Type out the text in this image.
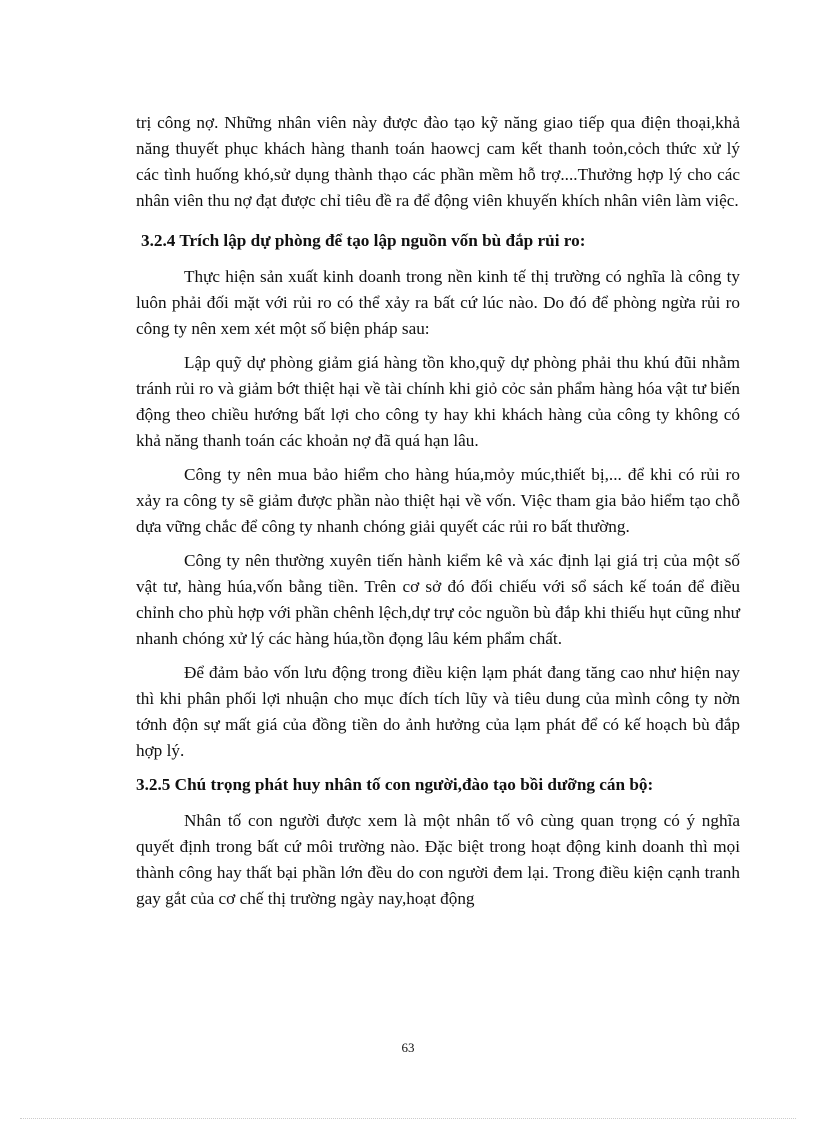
trị công nợ. Những nhân viên này được đào tạo kỹ năng giao tiếp qua điện thoại,khả năng thuyết phục khách hàng thanh toán haowcj cam kết thanh toỏn,cỏch thức xử lý các tình huống khó,sử dụng thành thạo các phần mềm hỗ trợ....Thưởng hợp lý cho các nhân viên thu nợ đạt được chỉ tiêu đề ra để động viên khuyến khích nhân viên làm việc.

3.2.4 Trích lập dự phòng để tạo lập nguồn vốn bù đắp rủi ro:

Thực hiện sản xuất kinh doanh trong nền kinh tế thị trường có nghĩa là công ty luôn phải đối mặt với rủi ro có thể xảy ra bất cứ lúc nào. Do đó để phòng ngừa rủi ro công ty nên xem xét một số biện pháp sau:

Lập quỹ dự phòng giảm giá hàng tồn kho,quỹ dự phòng phải thu khú đũi nhằm tránh rủi ro và giảm bớt thiệt hại về tài chính khi giỏ cỏc sản phẩm hàng hóa vật tư biến động theo chiều hướng bất lợi cho công ty hay khi khách hàng của công ty không có khả năng thanh toán các khoản nợ đã quá hạn lâu.

Công ty nên mua bảo hiểm cho hàng húa,mỏy múc,thiết bị,... để khi có rủi ro xảy ra công ty sẽ giảm được phần nào thiệt hại về vốn. Việc tham gia bảo hiểm tạo chỗ dựa vững chắc để công ty nhanh chóng giải quyết các rủi ro bất thường.

Công ty nên thường xuyên tiến hành kiểm kê và xác định lại giá trị của một số vật tư, hàng húa,vốn bằng tiền. Trên cơ sở đó đối chiếu với sổ sách kế toán để điều chỉnh cho phù hợp với phần chênh lệch,dự trự cỏc nguồn bù đắp khi thiếu hụt cũng như nhanh chóng xử lý các hàng húa,tồn đọng lâu kém phẩm chất.

Để đảm bảo vốn lưu động trong điều kiện lạm phát đang tăng cao như hiện nay thì khi phân phối lợi nhuận cho mục đích tích lũy và tiêu dung của mình công ty nờn tớnh độn sự mất giá của đồng tiền do ảnh hưởng của lạm phát để có kế hoạch bù đắp hợp lý.

3.2.5 Chú trọng phát huy nhân tố con người,đào tạo bồi dưỡng cán bộ:

Nhân tố con người được xem là một nhân tố vô cùng quan trọng có ý nghĩa quyết định trong bất cứ môi trường nào. Đặc biệt trong hoạt động kinh doanh thì mọi thành công hay thất bại phần lớn đều do con người đem lại. Trong điều kiện cạnh tranh gay gắt của cơ chế thị trường ngày nay,hoạt động

63
